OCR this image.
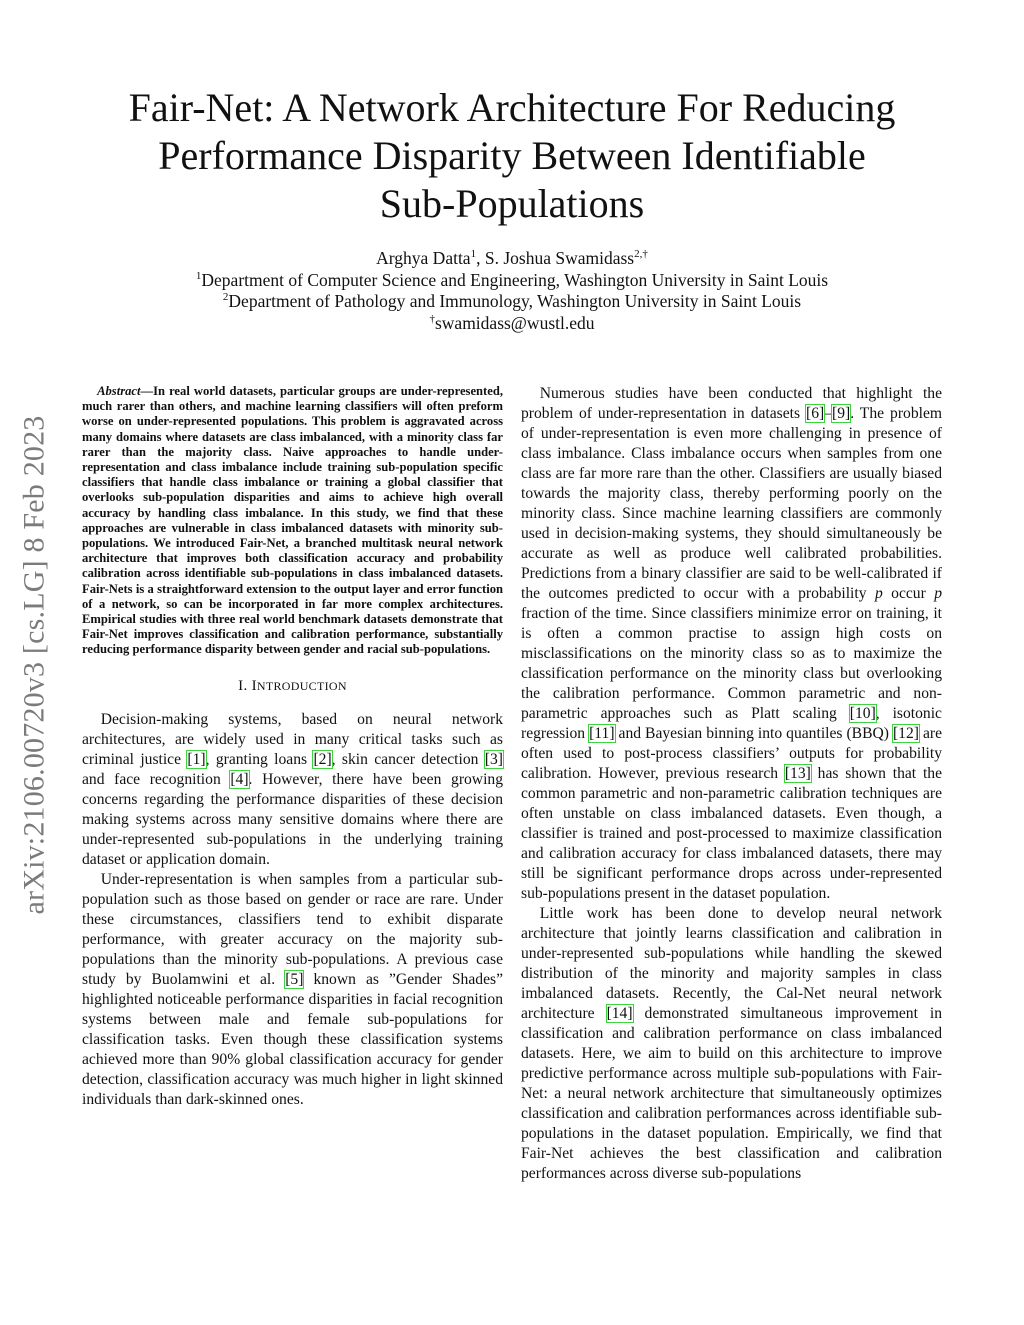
arXiv:2106.00720v3 [cs.LG] 8 Feb 2023
Fair-Net: A Network Architecture For Reducing
Performance Disparity Between Identifiable
Sub-Populations
Arghya Datta$^1$, S. Joshua Swamidass$^{2,\dagger}$
$^1$Department of Computer Science and Engineering, Washington University in Saint Louis
$^2$Department of Pathology and Immunology, Washington University in Saint Louis
†swamidass@wustl.edu
Abstract—In real world datasets, particular groups are under-represented, much rarer than others, and machine learning classifiers will often preform worse on under-represented populations. This problem is aggravated across many domains where datasets are class imbalanced, with a minority class far rarer than the majority class. Naive approaches to handle under-representation and class imbalance include training sub-population specific classifiers that handle class imbalance or training a global classifier that overlooks sub-population disparities and aims to achieve high overall accuracy by handling class imbalance. In this study, we find that these approaches are vulnerable in class imbalanced datasets with minority sub-populations. We introduced Fair-Net, a branched multitask neural network architecture that improves both classification accuracy and probability calibration across identifiable sub-populations in class imbalanced datasets. Fair-Nets is a straightforward extension to the output layer and error function of a network, so can be incorporated in far more complex architectures. Empirical studies with three real world benchmark datasets demonstrate that Fair-Net improves classification and calibration performance, substantially reducing performance disparity between gender and racial sub-populations.
I. INTRODUCTION

Decision-making systems, based on neural network architectures, are widely used in many critical tasks such as criminal justice [1], granting loans [2], skin cancer detection [3] and face recognition [4]. However, there have been growing concerns regarding the performance disparities of these decision making systems across many sensitive domains where there are under-represented sub-populations in the underlying training dataset or application domain.

Under-representation is when samples from a particular sub-population such as those based on gender or race are rare. Under these circumstances, classifiers tend to exhibit disparate performance, with greater accuracy on the majority sub-populations than the minority sub-populations. A previous case study by Buolamwini et al. [5] known as ”Gender Shades” highlighted noticeable performance disparities in facial recognition systems between male and female sub-populations for classification tasks. Even though these classification systems achieved more than 90% global classification accuracy for gender detection, classification accuracy was much higher in light skinned individuals than dark-skinned ones.

Numerous studies have been conducted that highlight the problem of under-representation in datasets [6]–[9]. The problem of under-representation is even more challenging in presence of class imbalance. Class imbalance occurs when samples from one class are far more rare than the other. Classifiers are usually biased towards the majority class, thereby performing poorly on the minority class. Since machine learning classifiers are commonly used in decision-making systems, they should simultaneously be accurate as well as produce well calibrated probabilities. Predictions from a binary classifier are said to be well-calibrated if the outcomes predicted to occur with a probability p occur p fraction of the time. Since classifiers minimize error on training, it is often a common practise to assign high costs on misclassifications on the minority class so as to maximize the classification performance on the minority class but overlooking the calibration performance. Common parametric and non-parametric approaches such as Platt scaling [10], isotonic regression [11] and Bayesian binning into quantiles (BBQ) [12] are often used to post-process classifiers’ outputs for probability calibration. However, previous research [13] has shown that the common parametric and non-parametric calibration techniques are often unstable on class imbalanced datasets. Even though, a classifier is trained and post-processed to maximize classification and calibration accuracy for class imbalanced datasets, there may still be significant performance drops across under-represented sub-populations present in the dataset population.

Little work has been done to develop neural network architecture that jointly learns classification and calibration in under-represented sub-populations while handling the skewed distribution of the minority and majority samples in class imbalanced datasets. Recently, the Cal-Net neural network architecture [14] demonstrated simultaneous improvement in classification and calibration performance on class imbalanced datasets. Here, we aim to build on this architecture to improve predictive performance across multiple sub-populations with Fair-Net: a neural network architecture that simultaneously optimizes classification and calibration performances across identifiable sub-populations in the dataset population. Empirically, we find that Fair-Net achieves the best classification and calibration performances across diverse sub-populations
